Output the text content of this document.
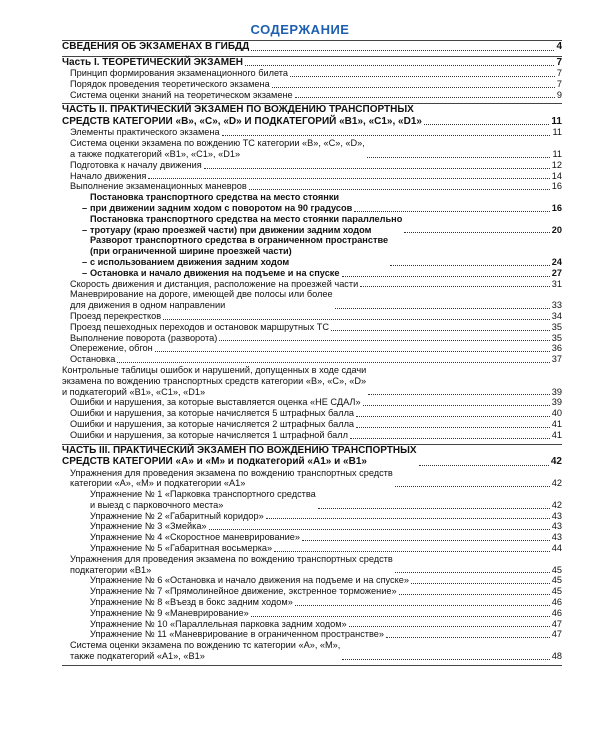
СОДЕРЖАНИЕ
СВЕДЕНИЯ ОБ ЭКЗАМЕНАХ В ГИБДД	4
Часть I. ТЕОРЕТИЧЕСКИЙ ЭКЗАМЕН	7
Принцип формирования экзаменационного билета	7
Порядок проведения теоретического экзамена	7
Система оценки знаний на теоретическом экзамене	9
ЧАСТЬ II. ПРАКТИЧЕСКИЙ ЭКЗАМЕН ПО ВОЖДЕНИЮ ТРАНСПОРТНЫХ
СРЕДСТВ КАТЕГОРИИ «В», «С», «D» И ПОДКАТЕГОРИЙ «В1», «С1», «D1»	11
Элементы практического экзамена	11
Система оценки экзамена по вождению ТС категории «В», «С», «D»,
а также подкатегорий «В1», «С1», «D1»	11
Подготовка к началу движения	12
Начало движения	14
Выполнение экзаменационных маневров	16
– Постановка транспортного средства на место стоянки
при движении задним ходом с поворотом на 90 градусов	16
– Постановка транспортного средства на место стоянки параллельно
тротуару (краю проезжей части) при движении задним ходом	20
– Разворот транспортного средства в ограниченном пространстве
(при ограниченной ширине проезжей части)
с использованием движения задним ходом	24
– Остановка и начало движения на подъеме и на спуске	27
Скорость движения и дистанция, расположение на проезжей части	31
Маневрирование на дороге, имеющей две полосы или более
для движения в одном направлении	33
Проезд перекрестков	34
Проезд пешеходных переходов и остановок маршрутных ТС	35
Выполнение поворота (разворота)	35
Опережение, обгон	36
Остановка	37
Контрольные таблицы ошибок и нарушений, допущенных в ходе сдачи
экзамена по вождению транспортных средств категории «В», «С», «D»
и подкатегорий «В1», «С1», «D1»	39
Ошибки и нарушения, за которые выставляется оценка «НЕ СДАЛ»	39
Ошибки и нарушения, за которые начисляется 5 штрафных балла	40
Ошибки и нарушения, за которые начисляется 2 штрафных балла	41
Ошибки и нарушения, за которые начисляется 1 штрафной балл	41
ЧАСТЬ III. ПРАКТИЧЕСКИЙ ЭКЗАМЕН ПО ВОЖДЕНИЮ ТРАНСПОРТНЫХ
СРЕДСТВ КАТЕГОРИИ «А» и «М» и подкатегорий «А1» и «В1»	42
Упражнения для проведения экзамена по вождению транспортных средств
категории «А», «М» и подкатегории «А1»	42
Упражнение № 1 «Парковка транспортного средства
и выезд с парковочного места»	42
Упражнение № 2 «Габаритный коридор»	43
Упражнение № 3 «Змейка»	43
Упражнение № 4 «Скоростное маневрирование»	43
Упражнение № 5 «Габаритная восьмерка»	44
Упражнения для проведения экзамена по вождению транспортных средств
подкатегории «В1»	45
Упражнение № 6 «Остановка и начало движения на подъеме и на спуске»	45
Упражнение № 7 «Прямолинейное движение, экстренное торможение»	45
Упражнение № 8 «Въезд в бокс задним ходом»	46
Упражнение № 9 «Маневрирование»	46
Упражнение № 10 «Параллельная парковка задним ходом»	47
Упражнение № 11 «Маневрирование в ограниченном пространстве»	47
Система оценки экзамена по вождению тс категории «А», «М»,
также подкатегорий «А1», «В1»	48
